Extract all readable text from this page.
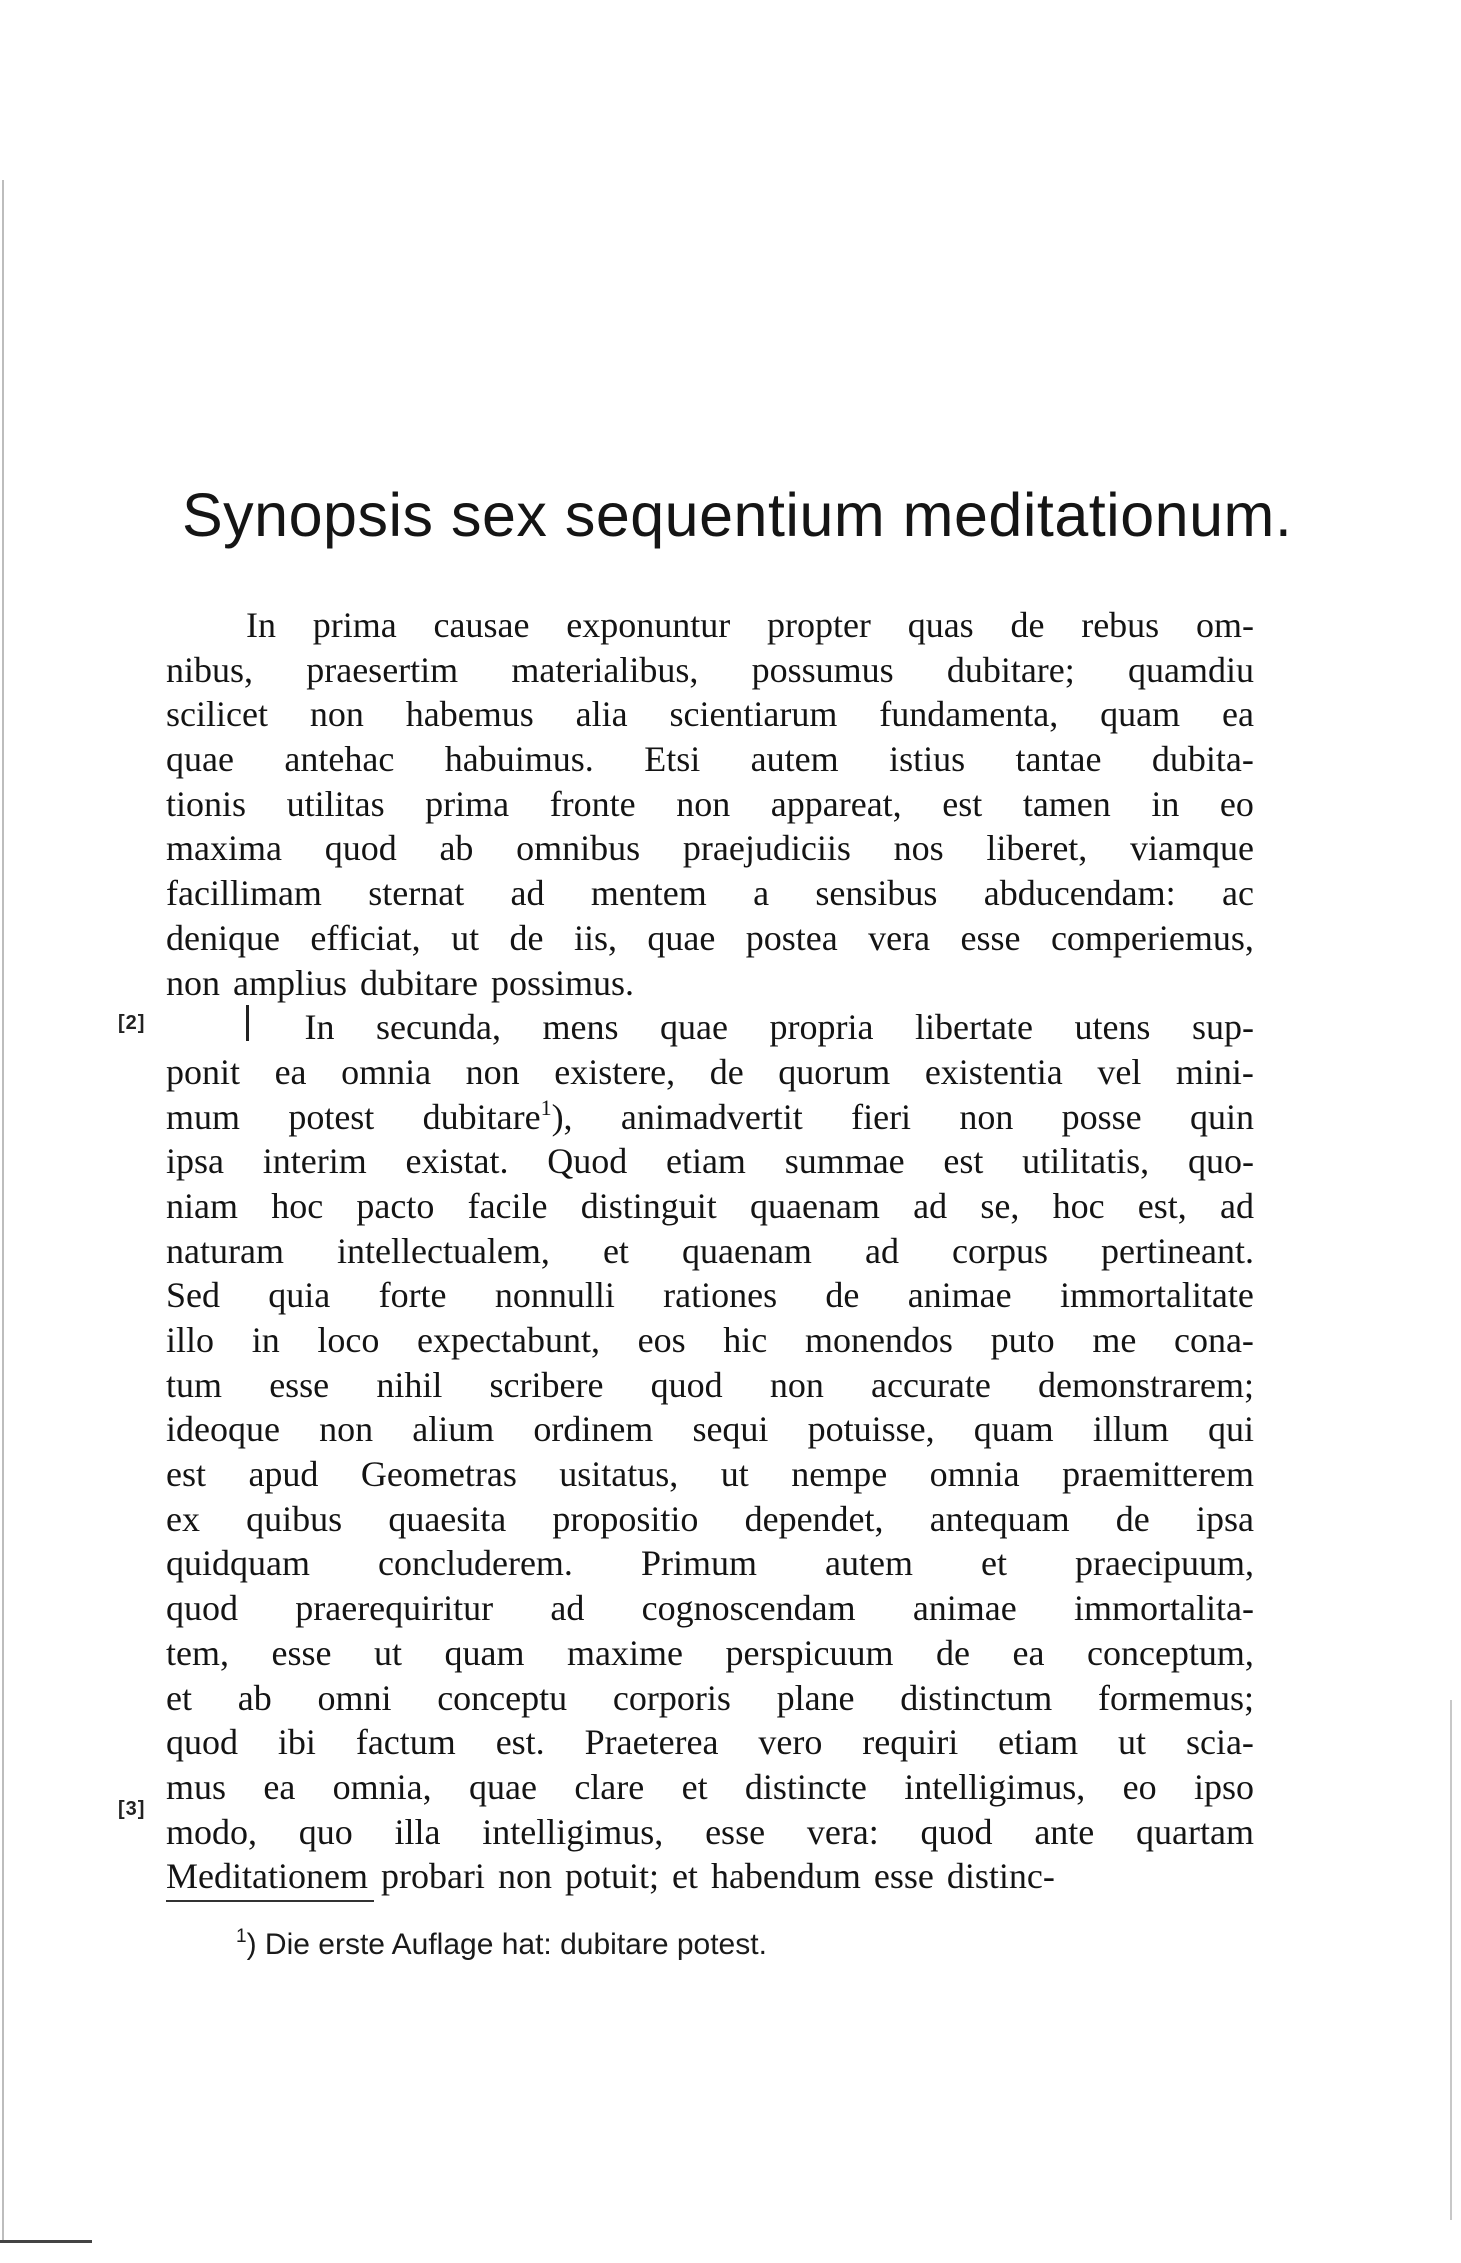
Synopsis sex sequentium meditationum.
In prima causae exponuntur propter quas de rebus om-
nibus, praesertim materialibus, possumus dubitare; quamdiu
scilicet non habemus alia scientiarum fundamenta, quam ea
quae antehac habuimus. Etsi autem istius tantae dubita-
tionis utilitas prima fronte non appareat, est tamen in eo
maxima quod ab omnibus praejudiciis nos liberet, viamque
facillimam sternat ad mentem a sensibus abducendam: ac
denique efficiat, ut de iis, quae postea vera esse comperiemus,
non amplius dubitare possimus.
In secunda, mens quae propria libertate utens sup-
ponit ea omnia non existere, de quorum existentia vel mini-
mum potest dubitare$^1$), animadvertit fieri non posse quin
ipsa interim existat. Quod etiam summae est utilitatis, quo-
niam hoc pacto facile distinguit quaenam ad se, hoc est, ad
naturam intellectualem, et quaenam ad corpus pertineant.
Sed quia forte nonnulli rationes de animae immortalitate
illo in loco expectabunt, eos hic monendos puto me cona-
tum esse nihil scribere quod non accurate demonstrarem;
ideoque non alium ordinem sequi potuisse, quam illum qui
est apud Geometras usitatus, ut nempe omnia praemitterem
ex quibus quaesita propositio dependet, antequam de ipsa
quidquam concluderem. Primum autem et praecipuum,
quod praerequiritur ad cognoscendam animae immortalita-
tem, esse ut quam maxime perspicuum de ea conceptum,
et ab omni conceptu corporis plane distinctum formemus;
quod ibi factum est. Praeterea vero requiri etiam ut scia-
mus ea omnia, quae clare et distincte intelligimus, eo ipso
modo, quo illa intelligimus, esse vera: quod ante quartam
Meditationem probari non potuit; et habendum esse distinc-
[2]
[3]
$^1$) Die erste Auflage hat: dubitare potest.
